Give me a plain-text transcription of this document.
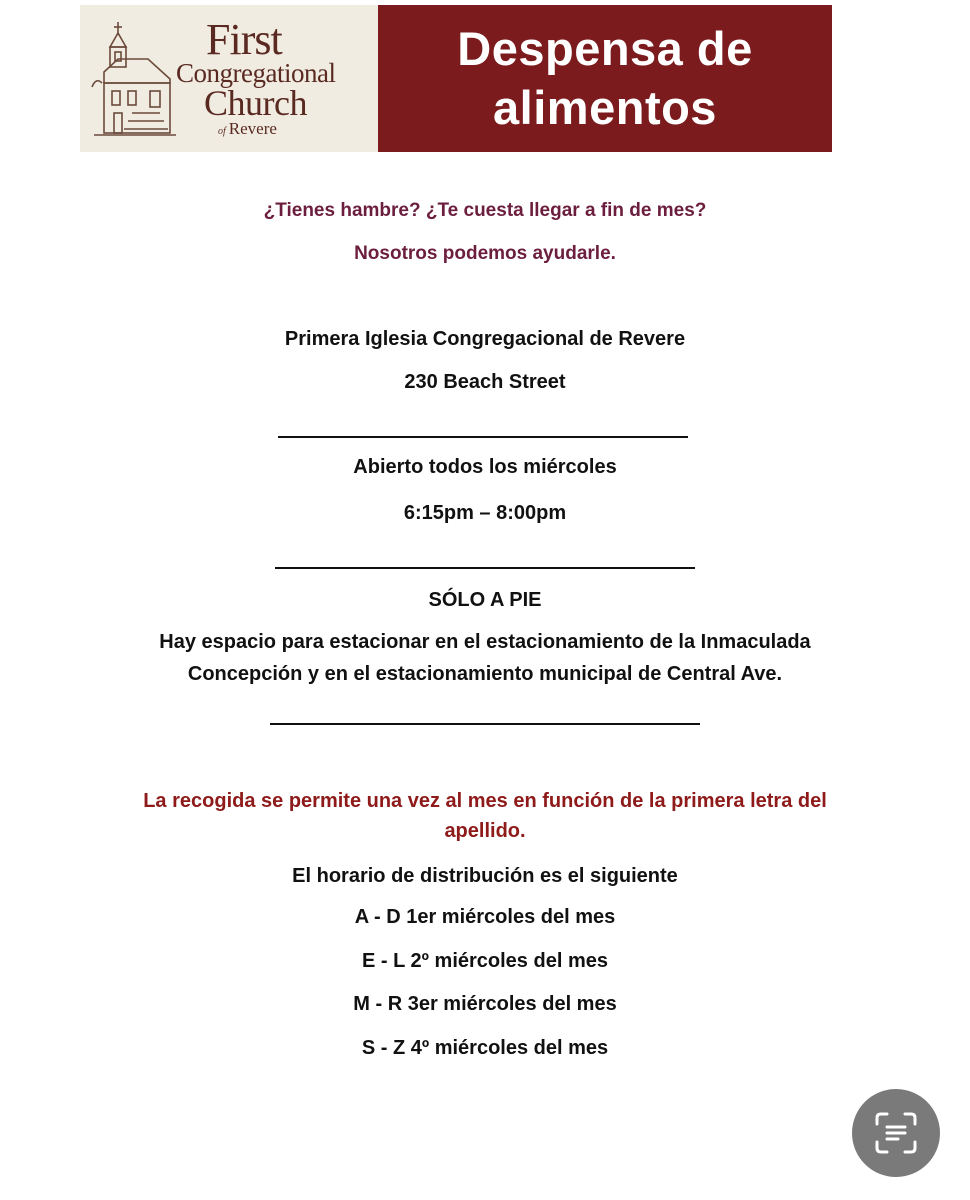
First
Congregational
Church
of Revere
Despensa de
alimentos
¿Tienes hambre? ¿Te cuesta llegar a fin de mes?
Nosotros podemos ayudarle.
Primera Iglesia Congregacional de Revere
230 Beach Street
Abierto todos los miércoles
6:15pm – 8:00pm
SÓLO A PIE
Hay espacio para estacionar en el estacionamiento de la Inmaculada
Concepción y en el estacionamiento municipal de Central Ave.
La recogida se permite una vez al mes en función de la primera letra del
apellido.
El horario de distribución es el siguiente
A - D 1er miércoles del mes
E - L 2º miércoles del mes
M - R 3er miércoles del mes
S - Z 4º miércoles del mes
